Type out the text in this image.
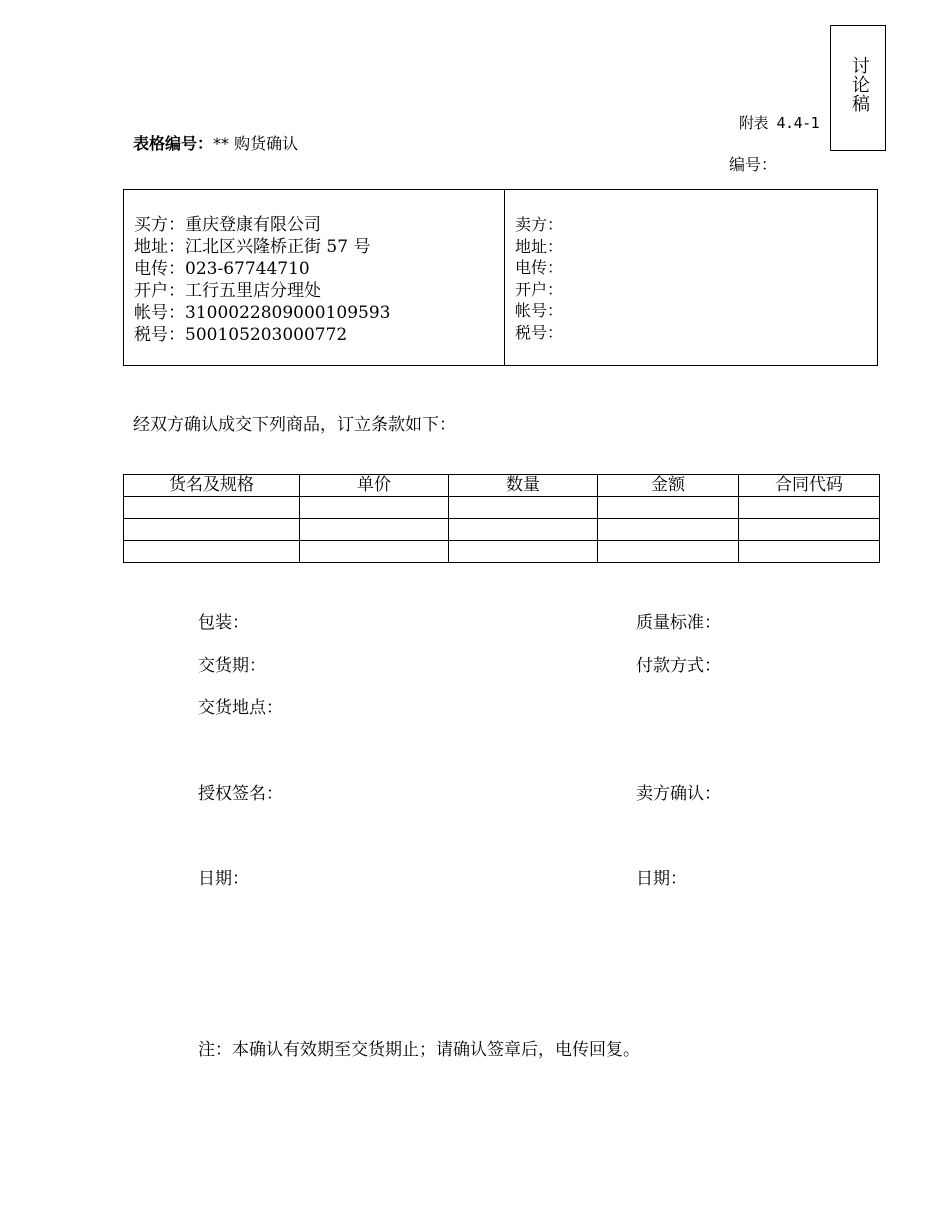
讨论稿
附表 4.4-1
表格编号：** 购货确认
编号：
买方：重庆登康有限公司
地址：江北区兴隆桥正街 57 号
电传：023-67744710
开户：工行五里店分理处
帐号：3100022809000109593
税号：500105203000772
卖方：
地址：
电传：
开户：
帐号：
税号：
经双方确认成交下列商品，订立条款如下：
货名及规格	单价	数量	金额	合同代码

包装：	质量标准：
交货期：	付款方式：
交货地点：
授权签名：	卖方确认：
日期：	日期：
注：本确认有效期至交货期止；请确认签章后，电传回复。
